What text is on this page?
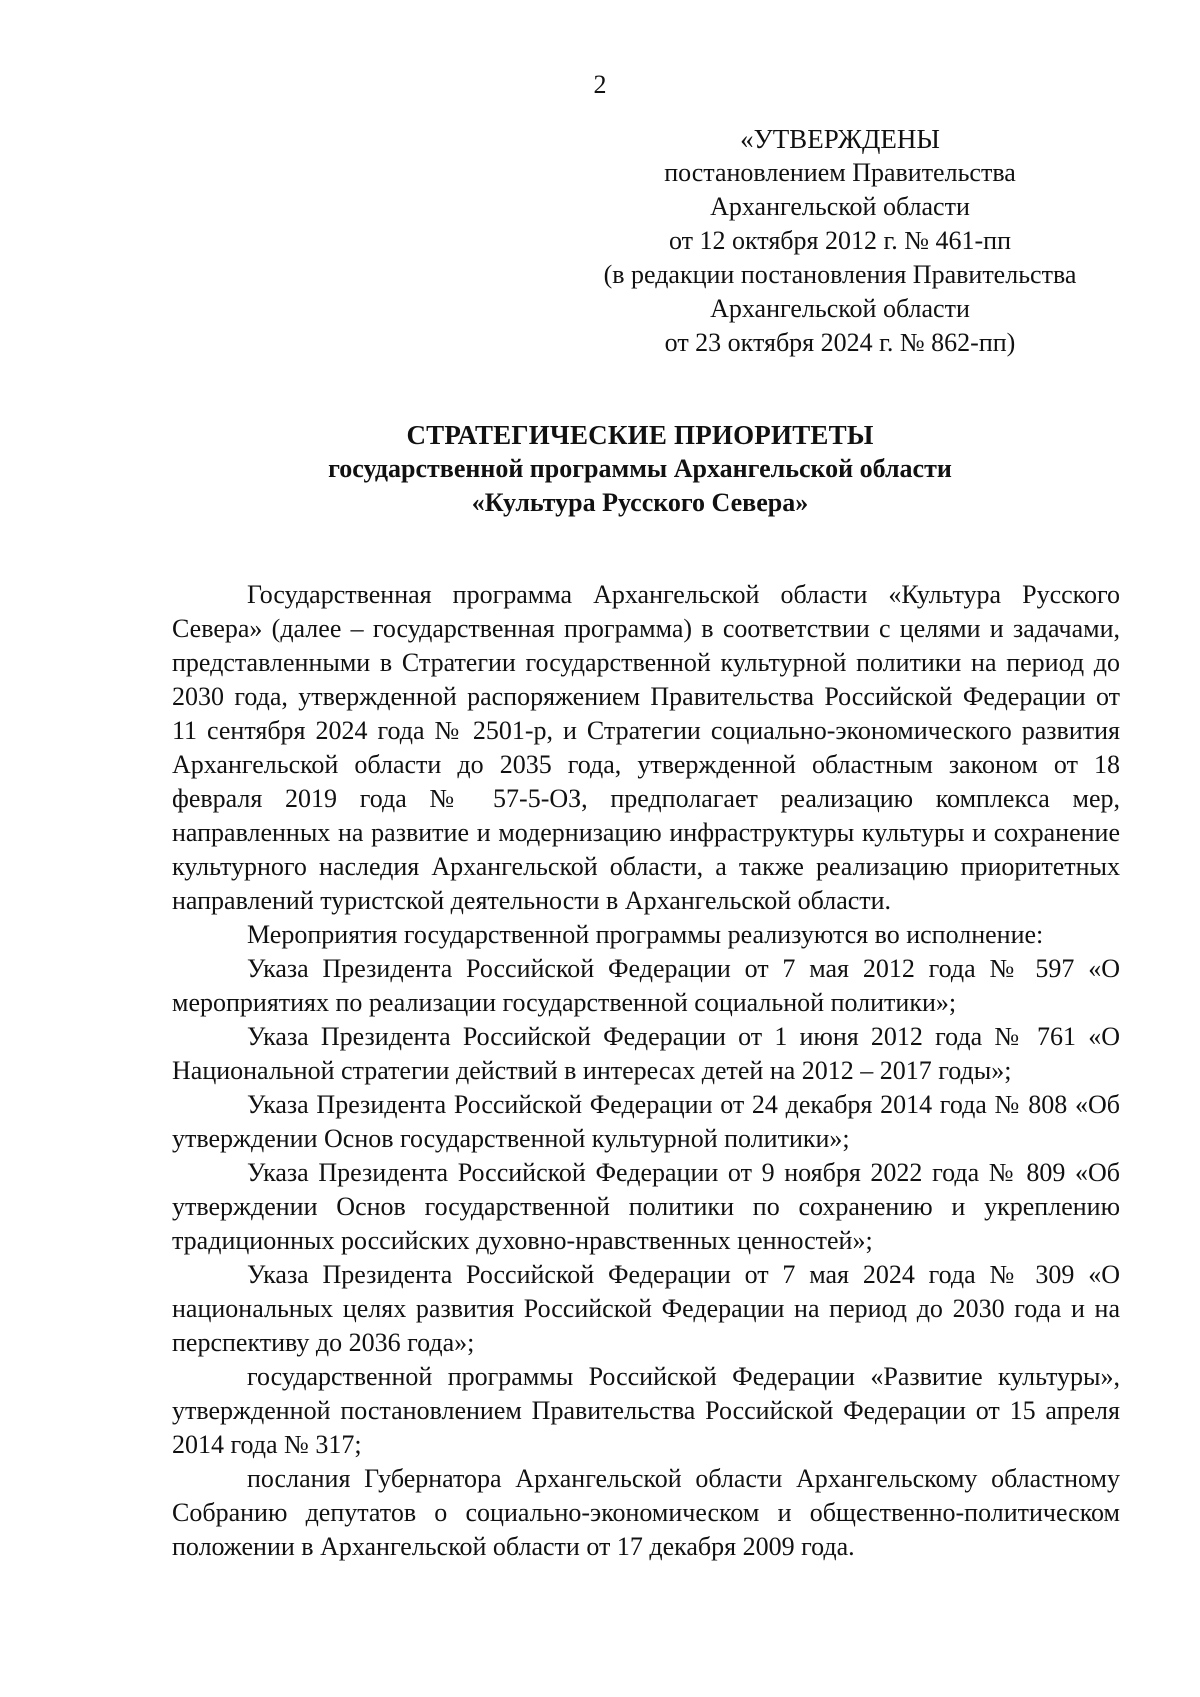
2
«УТВЕРЖДЕНЫ
постановлением Правительства
Архангельской области
от 12 октября 2012 г. № 461-пп
(в редакции постановления Правительства
Архангельской области
от 23 октября 2024 г. № 862-пп)
СТРАТЕГИЧЕСКИЕ ПРИОРИТЕТЫ
государственной программы Архангельской области
«Культура Русского Севера»

Государственная программа Архангельской области «Культура Русского Севера» (далее – государственная программа) в соответствии с целями и задачами, представленными в Стратегии государственной культурной политики на период до 2030 года, утвержденной распоряжением Правительства Российской Федерации от 11 сентября 2024 года № 2501-р, и Стратегии социально-экономического развития Архангельской области до 2035 года, утвержденной областным законом от 18 февраля 2019 года № 57-5-ОЗ, предполагает реализацию комплекса мер, направленных на развитие и модернизацию инфраструктуры культуры и сохранение культурного наследия Архангельской области, а также реализацию приоритетных направлений туристской деятельности в Архангельской области.

Мероприятия государственной программы реализуются во исполнение:

Указа Президента Российской Федерации от 7 мая 2012 года № 597 «О мероприятиях по реализации государственной социальной политики»;

Указа Президента Российской Федерации от 1 июня 2012 года № 761 «О Национальной стратегии действий в интересах детей на 2012 – 2017 годы»;

Указа Президента Российской Федерации от 24 декабря 2014 года № 808 «Об утверждении Основ государственной культурной политики»;

Указа Президента Российской Федерации от 9 ноября 2022 года № 809 «Об утверждении Основ государственной политики по сохранению и укреплению традиционных российских духовно-нравственных ценностей»;

Указа Президента Российской Федерации от 7 мая 2024 года № 309 «О национальных целях развития Российской Федерации на период до 2030 года и на перспективу до 2036 года»;

государственной программы Российской Федерации «Развитие культуры», утвержденной постановлением Правительства Российской Федерации от 15 апреля 2014 года № 317;

послания Губернатора Архангельской области Архангельскому областному Собранию депутатов о социально-экономическом и общественно-политическом положении в Архангельской области от 17 декабря 2009 года.
